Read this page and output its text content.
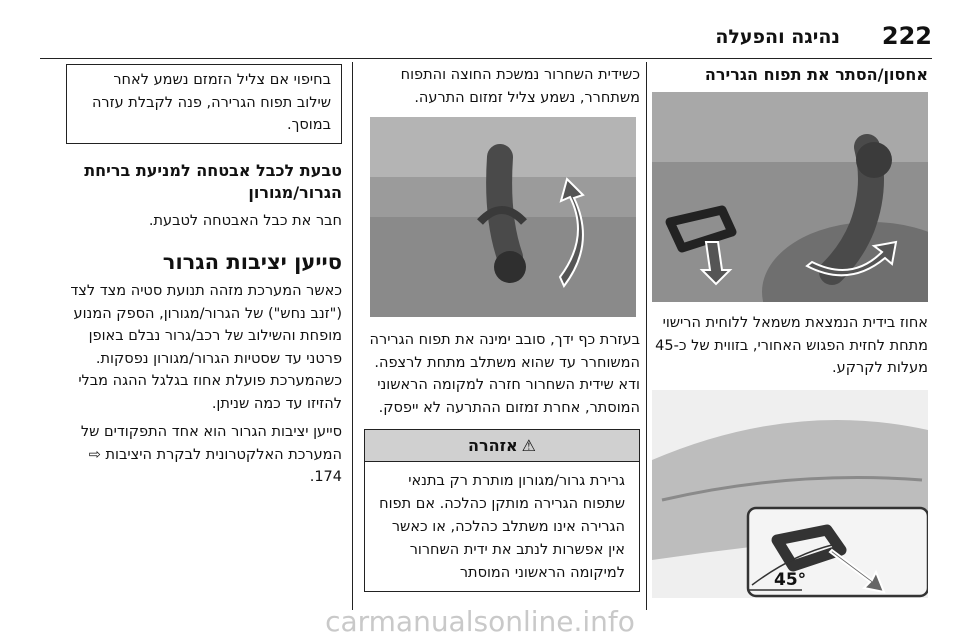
222
נהיגה והפעלה
אחסון/הסתר את תפוח הגרירה
אחוז בידית הנמצאת משמאל ללוחית הרישוי מתחת לחזית הפגוש האחורי, בזווית של כ-45 מעלות לקרקע.
45°
כשידית השחרור נמשכת החוצה והתפוח משתחרר, נשמע צליל זמזום התרעה.
בעזרת כף ידך, סובב ימינה את תפוח הגרירה המשוחרר עד שהוא משתלב מתחת לרצפה. ודא שידית השחרור חזרה למקומה הראשוני המוסתר, אחרת זמזום ההתרעה לא ייפסק.
⚠אזהרה
גרירת גרור/מגורון מותרת רק בתנאי שתפוח הגרירה מותקן כהלכה. אם תפוח הגרירה אינו משתלב כהלכה, או כאשר אין אפשרות לנתב את ידית השחרור למיקומה הראשוני המוסתר
בחיפוי אם צליל הזמזם נשמע לאחר שילוב תפוח הגרירה, פנה לקבלת עזרה במוסך.
טבעת לכבל אבטחה למניעת בריחת הגרור/מגורון
חבר את כבל האבטחה לטבעת.
סייען יציבות הגרור

כאשר המערכת מזהה תנועת סטיה מצד לצד ("זנב נחש") של הגרור/מגורון, הספק המנוע מופחת והשילוב של רכב/גרור נבלם באופן פרטני עד שסטיות הגרור/מגורון נפסקות. כשהמערכת פועלת אחוז בגלגל ההגה מבלי להזיזו עד כמה שניתן.

סייען יציבות הגרור הוא אחד התפקודים של המערכת האלקטרונית לבקרת היציבות ⇨ 174.

carmanualsonline.info
